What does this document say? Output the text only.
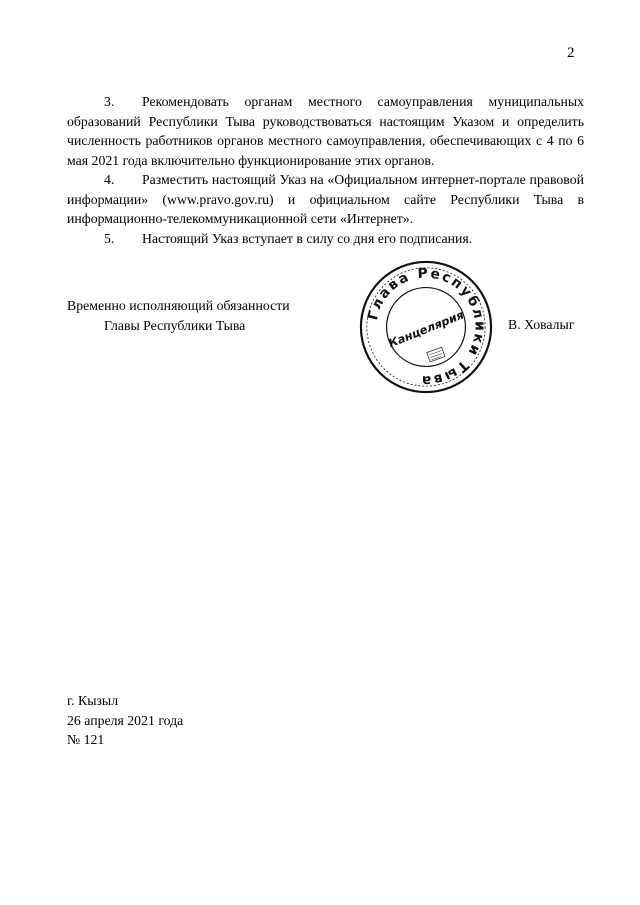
2

3. Рекомендовать органам местного самоуправления муниципальных образований Республики Тыва руководствоваться настоящим Указом и определить численность работников органов местного самоуправления, обеспечивающих с 4 по 6 мая 2021 года включительно функционирование этих органов.

4. Разместить настоящий Указ на «Официальном интернет-портале правовой информации» (www.pravo.gov.ru) и официальном сайте Республики Тыва в информационно-телекоммуникационной сети «Интернет».

5. Настоящий Указ вступает в силу со дня его подписания.

Временно исполняющий обязанности
Главы Республики Тыва
Глава Республики Тыва
Канцелярия	В. Ховалыг
г. Кызыл
26 апреля 2021 года
№ 121
